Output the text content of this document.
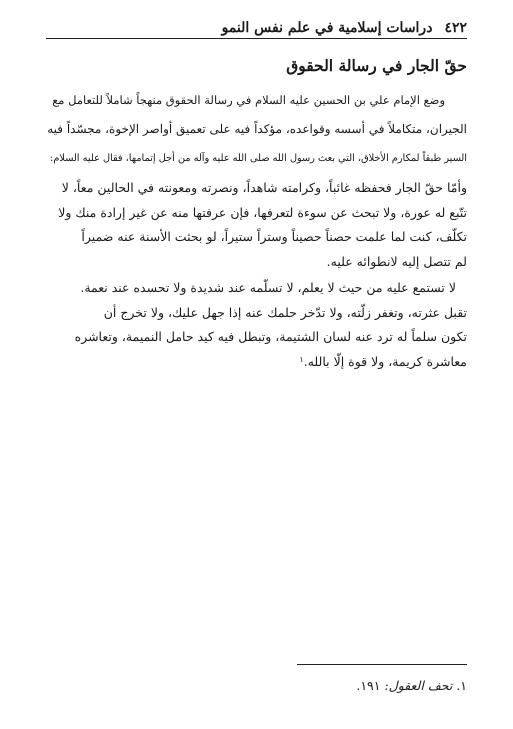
٤٢٢
دراسات إسلامية في علم نفس النمو
حقّ الجار في رسالة الحقوق
وضع الإمام علي بن الحسين عليه السلام في رسالة الحقوق منهجاً شاملاً للتعامل مع
الجيران، متكاملاً في أسسه وقواعده، مؤكداً فيه على تعميق أواصر الإخوة، مجسّداً فيه
السير طبقاً لمكارم الأخلاق، التي بعث رسول الله صلى الله عليه وآله من أجل إتمامها، فقال عليه السلام:
وأمّا حقّ الجار فحفظه غائباً، وكرامته شاهداً، ونصرته ومعونته في الحالين معاً، لا
تتّبع له عورة، ولا تبحث عن سوءة لتعرفها، فإن عرفتها منه عن غير إرادة منك ولا
تكلّف، كنت لما علمت حصناً حصيناً وستراً ستيراً، لو بحثت الأسنة عنه ضميراً
لم تتصل إليه لانطوائه عليه.
لا تستمع عليه من حيث لا يعلم، لا تسلّمه عند شديدة ولا تحسده عند نعمة.
تقبل عثرته، وتغفر زلّته، ولا تدّخر حلمك عنه إذا جهل عليك، ولا تخرج أن
تكون سلماً له ترد عنه لسان الشتيمة، وتبطل فيه كيد حامل النميمة، وتعاشره
معاشرة كريمة، ولا قوة إلّا بالله.$^١$
١. تحف العقول: ١٩١.
